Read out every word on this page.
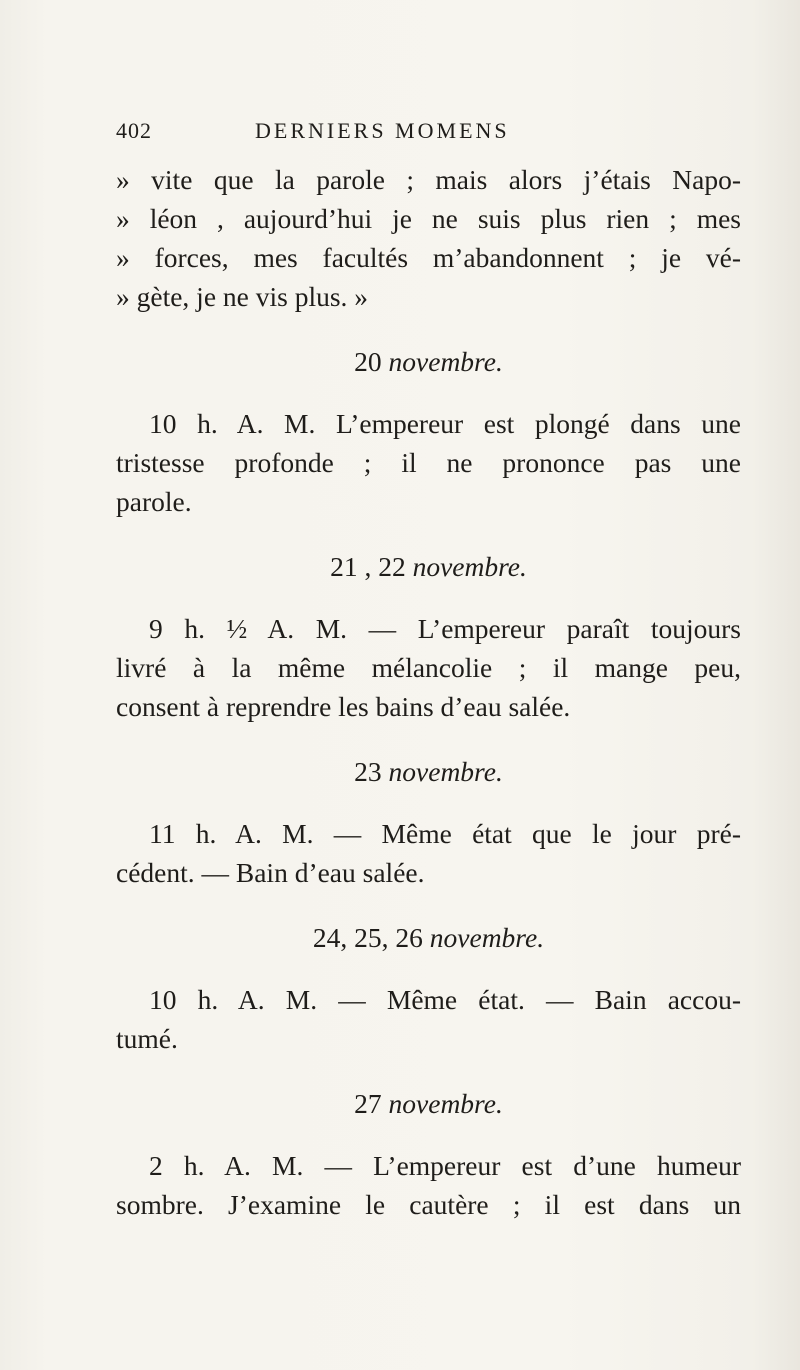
402	DERNIERS MOMENS
» vite que la parole ; mais alors j’étais Napo-
» léon , aujourd’hui je ne suis plus rien ; mes
» forces, mes facultés m’abandonnent ; je vé-
» gète, je ne vis plus. »
20 novembre.
10 h. A. M. L’empereur est plongé dans une
tristesse profonde ; il ne prononce pas une
parole.
21 , 22 novembre.
9 h. ½ A. M. — L’empereur paraît toujours
livré à la même mélancolie ; il mange peu,
consent à reprendre les bains d’eau salée.
23 novembre.
11 h. A. M. — Même état que le jour pré-
cédent. — Bain d’eau salée.
24, 25, 26 novembre.
10 h. A. M. — Même état. — Bain accou-
tumé.
27 novembre.
2 h. A. M. — L’empereur est d’une humeur
sombre. J’examine le cautère ; il est dans un
